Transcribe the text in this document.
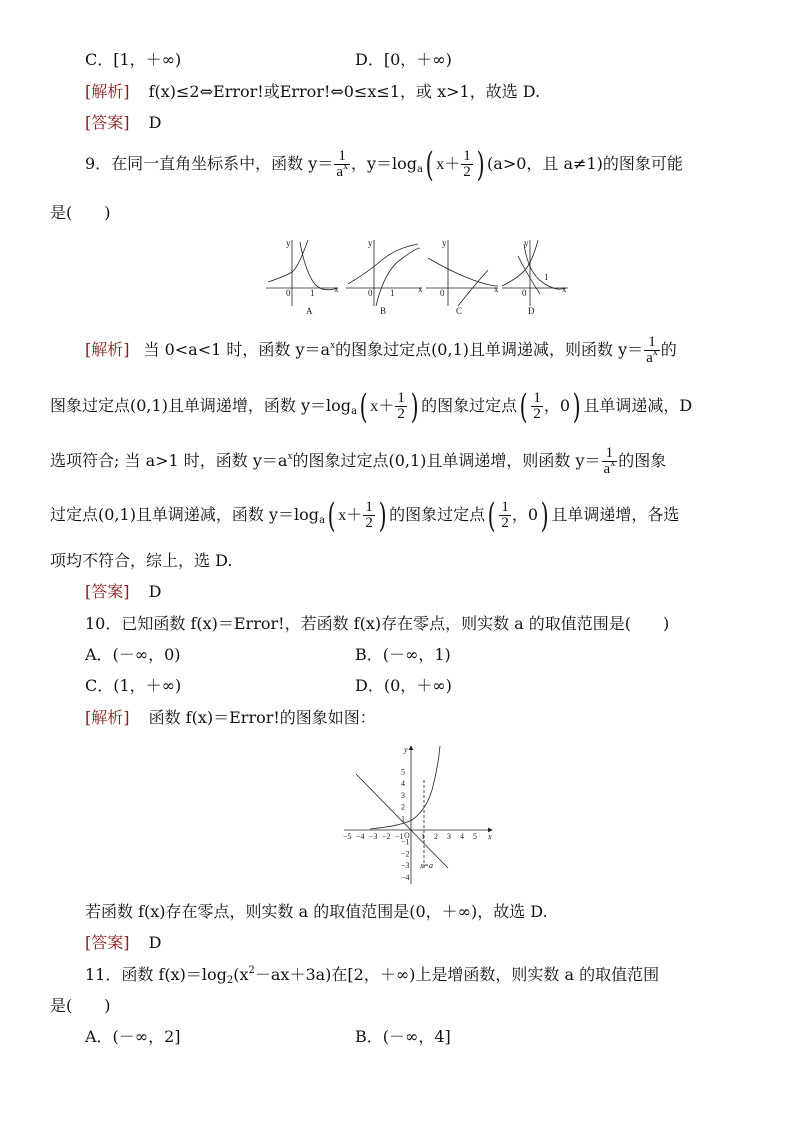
C．[1，＋∞)	D．[0，＋∞)
[解析] f(x)≤2⇔Error!或Error!⇔0≤x≤1，或 x>1，故选 D.
[答案] D
9．在同一直角坐标系中，函数 $y= \frac{1}{a^x}$ ，$y=\log_a$( $x+ \frac{1}{2}$ ) (a>0，且 a≠1)的图象可能
是(　　)
y
0 1 x
y
0 1	x
y
0	x
y
0
1
x
A	B	C	D
[解析] 当 0<a<1 时，函数 $y=a^x$的图象过定点(0,1)且单调递减，则函数 $y= \frac{1}{a^x}$ 的
图象过定点(0,1)且单调递增，函数 $y=\log_a$( $x+ \frac{1}{2}$ ) 的图象过定点( $\frac{1}{2}$ ，0) 且单调递减，D
选项符合; 当 a>1 时，函数 $y=a^x$的图象过定点(0,1)且单调递增，则函数 $y= \frac{1}{a^x}$ 的图象
过定点(0,1)且单调递减，函数 $y=\log_a$( $x+ \frac{1}{2}$ ) 的图象过定点( $\frac{1}{2}$ ，0) 且单调递增，各选
项均不符合，综上，选 D.
[答案] D
10．已知函数 f(x)＝Error!，若函数 f(x)存在零点，则实数 a 的取值范围是(　　)
A．(－∞，0)	B．(－∞，1)
C．(1，＋∞)	D．(0，＋∞)
[解析] 函数 f(x)＝Error!的图象如图：
−5 −4 −3 −2 −1 1 2 3 4 5
5
4
3
2
1
−1
−2
−3
−4
O	x
y
x=a
若函数 f(x)存在零点，则实数 a 的取值范围是(0，＋∞)，故选 D.
[答案] D
11．函数 $f(x)=\log_2(x^2-ax+3a)$在[2，＋∞)上是增函数，则实数 a 的取值范围
是(　　)
A．(－∞，2]	B．(－∞，4]
